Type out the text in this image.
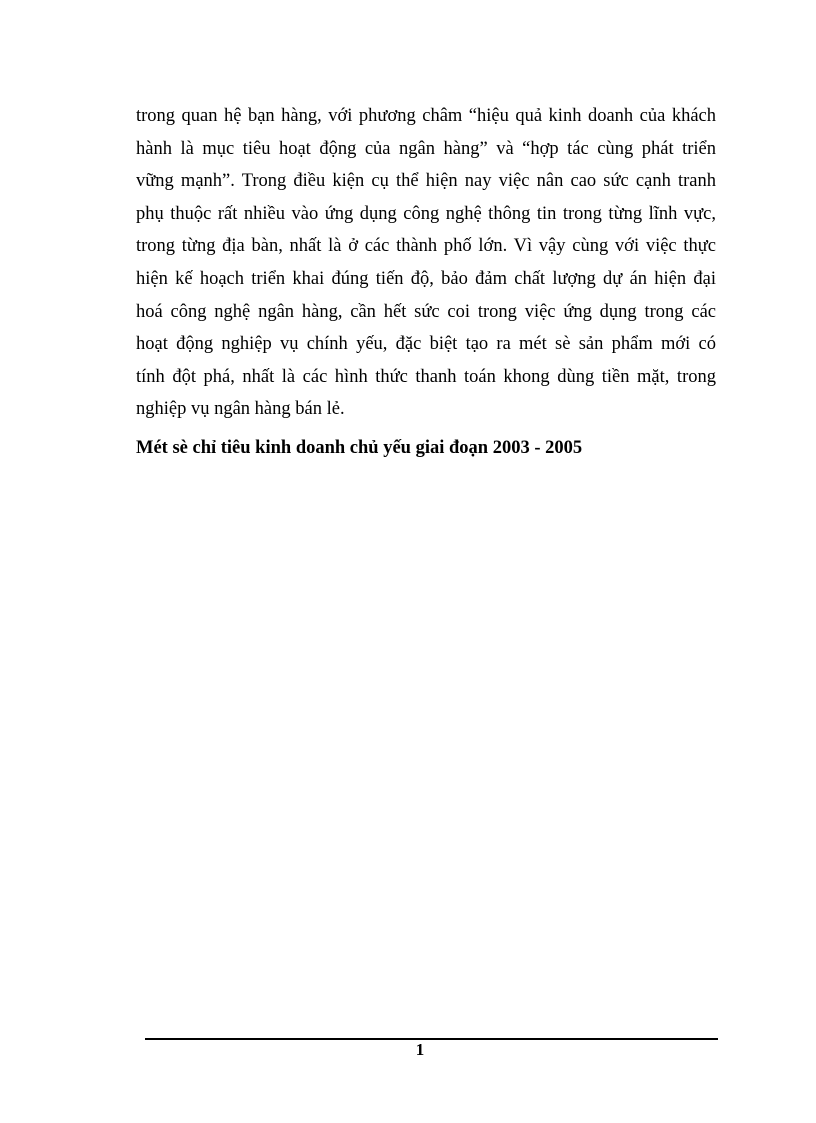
trong quan hệ bạn hàng, với phương châm “hiệu quả kinh doanh của khách
hành là mục tiêu hoạt động của ngân hàng” và “hợp tác cùng phát triển
vững mạnh”. Trong điều kiện cụ thể hiện nay việc nân cao sức cạnh tranh
phụ thuộc rất nhiều vào ứng dụng công nghệ thông tin trong từng lĩnh vực,
trong từng địa bàn, nhất là ở các thành phố lớn. Vì vậy cùng với việc thực
hiện kế hoạch triển khai đúng tiến độ, bảo đảm chất lượng dự án hiện đại
hoá công nghệ ngân hàng, cần hết sức coi trong việc ứng dụng trong các
hoạt động nghiệp vụ chính yếu, đặc biệt tạo ra mét sè sản phẩm mới có
tính đột phá, nhất là các hình thức thanh toán khong dùng tiền mặt, trong
nghiệp vụ ngân hàng bán lẻ.

Mét sè chỉ tiêu kinh doanh chủ yếu giai đoạn 2003 - 2005
1
